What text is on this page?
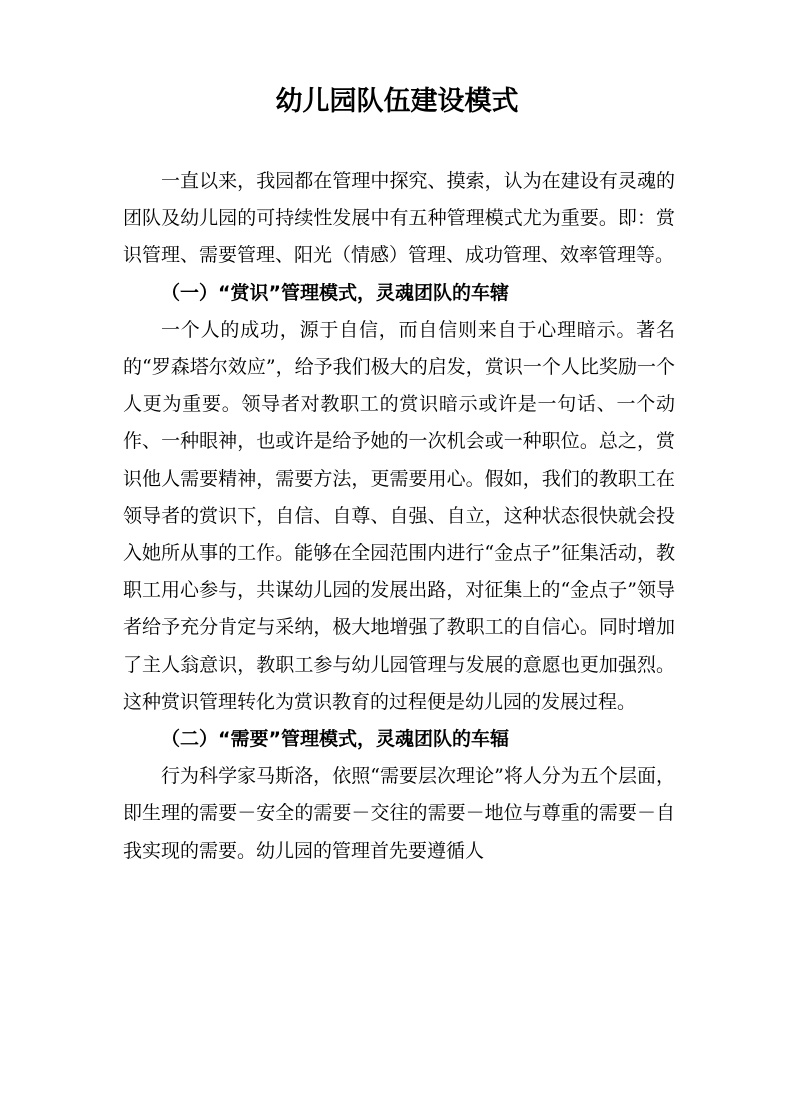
幼儿园队伍建设模式

一直以来，我园都在管理中探究、摸索，认为在建设有灵魂的团队及幼儿园的可持续性发展中有五种管理模式尤为重要。即：赏识管理、需要管理、阳光（情感）管理、成功管理、效率管理等。

（一）“赏识”管理模式，灵魂团队的车辖

一个人的成功，源于自信，而自信则来自于心理暗示。著名的“罗森塔尔效应”，给予我们极大的启发，赏识一个人比奖励一个人更为重要。领导者对教职工的赏识暗示或许是一句话、一个动作、一种眼神，也或许是给予她的一次机会或一种职位。总之，赏识他人需要精神，需要方法，更需要用心。假如，我们的教职工在领导者的赏识下，自信、自尊、自强、自立，这种状态很快就会投入她所从事的工作。能够在全园范围内进行“金点子”征集活动，教职工用心参与，共谋幼儿园的发展出路，对征集上的“金点子”领导者给予充分肯定与采纳，极大地增强了教职工的自信心。同时增加了主人翁意识，教职工参与幼儿园管理与发展的意愿也更加强烈。这种赏识管理转化为赏识教育的过程便是幼儿园的发展过程。

（二）“需要”管理模式，灵魂团队的车辐

行为科学家马斯洛，依照“需要层次理论”将人分为五个层面，即生理的需要－安全的需要－交往的需要－地位与尊重的需要－自我实现的需要。幼儿园的管理首先要遵循人
